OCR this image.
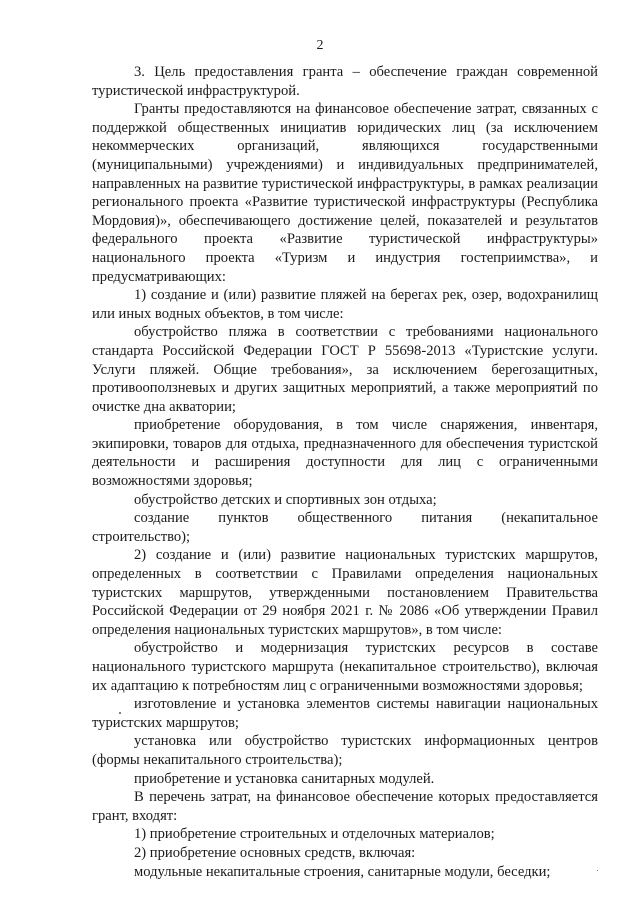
2

3. Цель предоставления гранта – обеспечение граждан современной туристической инфраструктурой.

Гранты предоставляются на финансовое обеспечение затрат, связанных с поддержкой общественных инициатив юридических лиц (за исключением некоммерческих организаций, являющихся государственными (муниципальными) учреждениями) и индивидуальных предпринимателей, направленных на развитие туристической инфраструктуры, в рамках реализации регионального проекта «Развитие туристической инфраструктуры (Республика Мордовия)», обеспечивающего достижение целей, показателей и результатов федерального проекта «Развитие туристической инфраструктуры» национального проекта «Туризм и индустрия гостеприимства», и предусматривающих:

1) создание и (или) развитие пляжей на берегах рек, озер, водохранилищ или иных водных объектов, в том числе:

обустройство пляжа в соответствии с требованиями национального стандарта Российской Федерации ГОСТ Р 55698-2013 «Туристские услуги. Услуги пляжей. Общие требования», за исключением берегозащитных, противооползневых и других защитных мероприятий, а также мероприятий по очистке дна акватории;

приобретение оборудования, в том числе снаряжения, инвентаря, экипировки, товаров для отдыха, предназначенного для обеспечения туристской деятельности и расширения доступности для лиц с ограниченными возможностями здоровья;

обустройство детских и спортивных зон отдыха;

создание пунктов общественного питания (некапитальное строительство);

2) создание и (или) развитие национальных туристских маршрутов, определенных в соответствии с Правилами определения национальных туристских маршрутов, утвержденными постановлением Правительства Российской Федерации от 29 ноября 2021 г. № 2086 «Об утверждении Правил определения национальных туристских маршрутов», в том числе:

обустройство и модернизация туристских ресурсов в составе национального туристского маршрута (некапитальное строительство), включая их адаптацию к потребностям лиц с ограниченными возможностями здоровья;

изготовление и установка элементов системы навигации национальных туристских маршрутов;

установка или обустройство туристских информационных центров (формы некапитального строительства);

приобретение и установка санитарных модулей.

В перечень затрат, на финансовое обеспечение которых предоставляется грант, входят:

1) приобретение строительных и отделочных материалов;

2) приобретение основных средств, включая:

модульные некапитальные строения, санитарные модули, беседки;
